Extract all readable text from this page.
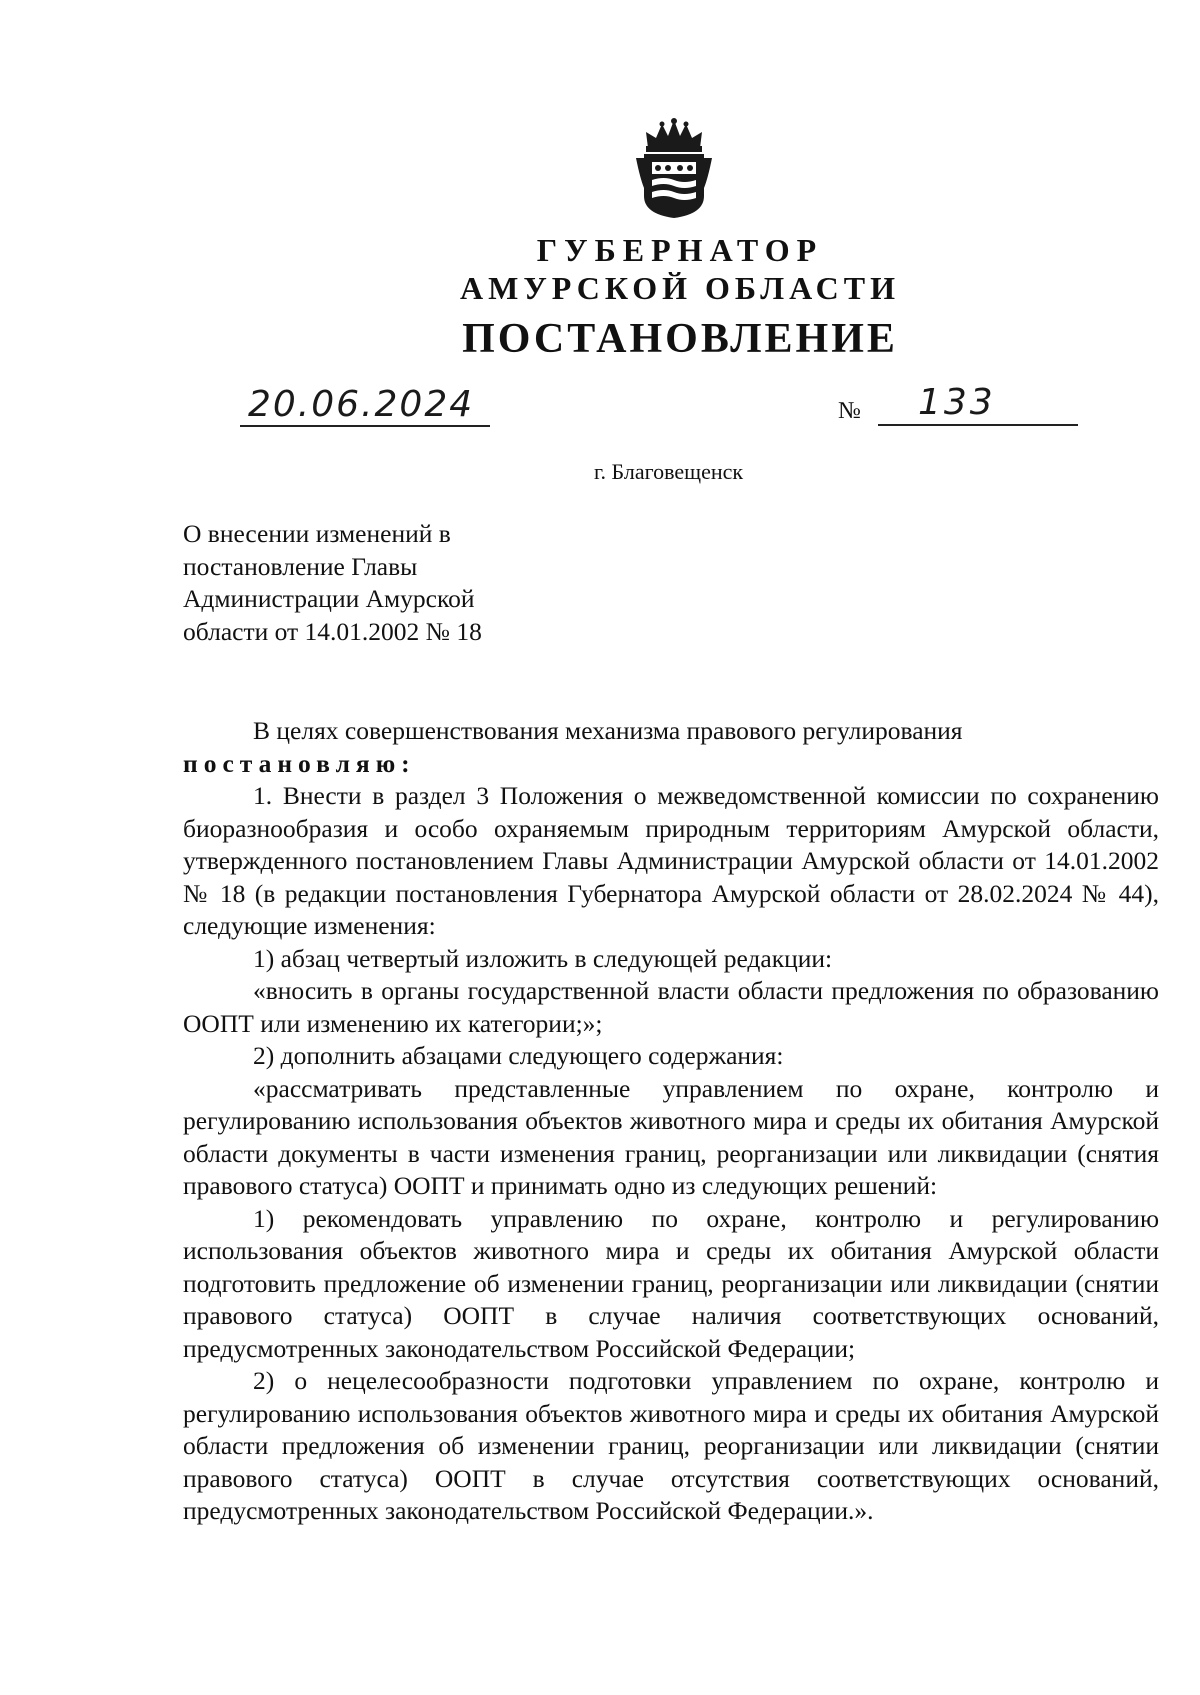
ГУБЕРНАТОР
АМУРСКОЙ ОБЛАСТИ
ПОСТАНОВЛЕНИЕ
20.06.2024	№ 133
г. Благовещенск
О внесении изменений в
постановление Главы
Администрации Амурской
области от 14.01.2002 № 18

В целях совершенствования механизма правового регулирования

постановляю:

1. Внести в раздел 3 Положения о межведомственной комиссии по сохранению биоразнообразия и особо охраняемым природным территориям Амурской области, утвержденного постановлением Главы Администрации Амурской области от 14.01.2002 № 18 (в редакции постановления Губернатора Амурской области от 28.02.2024 № 44), следующие изменения:

1) абзац четвертый изложить в следующей редакции:

«вносить в органы государственной власти области предложения по образованию ООПТ или изменению их категории;»;

2) дополнить абзацами следующего содержания:

«рассматривать представленные управлением по охране, контролю и регулированию использования объектов животного мира и среды их обитания Амурской области документы в части изменения границ, реорганизации или ликвидации (снятия правового статуса) ООПТ и принимать одно из следующих решений:

1) рекомендовать управлению по охране, контролю и регулированию использования объектов животного мира и среды их обитания Амурской области подготовить предложение об изменении границ, реорганизации или ликвидации (снятии правового статуса) ООПТ в случае наличия соответствующих оснований, предусмотренных законодательством Российской Федерации;

2) о нецелесообразности подготовки управлением по охране, контролю и регулированию использования объектов животного мира и среды их обитания Амурской области предложения об изменении границ, реорганизации или ликвидации (снятии правового статуса) ООПТ в случае отсутствия соответствующих оснований, предусмотренных законодательством Российской Федерации.».
